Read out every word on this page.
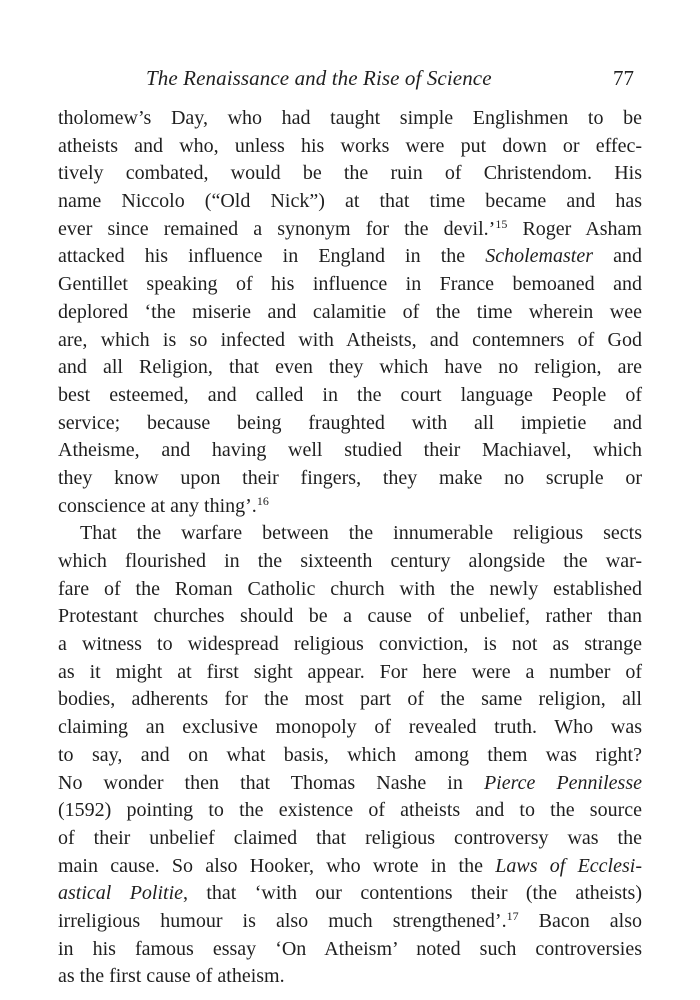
The Renaissance and the Rise of Science	77
tholomew’s Day, who had taught simple Englishmen to be
atheists and who, unless his works were put down or effec-
tively combated, would be the ruin of Christendom. His
name Niccolo (“Old Nick”) at that time became and has
ever since remained a synonym for the devil.’$^{15}$ Roger Asham
attacked his influence in England in the Scholemaster and
Gentillet speaking of his influence in France bemoaned and
deplored ‘the miserie and calamitie of the time wherein wee
are, which is so infected with Atheists, and contemners of God
and all Religion, that even they which have no religion, are
best esteemed, and called in the court language People of
service; because being fraughted with all impietie and
Atheisme, and having well studied their Machiavel, which
they know upon their fingers, they make no scruple or
conscience at any thing’.$^{16}$
That the warfare between the innumerable religious sects
which flourished in the sixteenth century alongside the war-
fare of the Roman Catholic church with the newly established
Protestant churches should be a cause of unbelief, rather than
a witness to widespread religious conviction, is not as strange
as it might at first sight appear. For here were a number of
bodies, adherents for the most part of the same religion, all
claiming an exclusive monopoly of revealed truth. Who was
to say, and on what basis, which among them was right?
No wonder then that Thomas Nashe in Pierce Pennilesse
(1592) pointing to the existence of atheists and to the source
of their unbelief claimed that religious controversy was the
main cause. So also Hooker, who wrote in the Laws of Ecclesi-
astical Politie, that ‘with our contentions their (the atheists)
irreligious humour is also much strengthened’.$^{17}$ Bacon also
in his famous essay ‘On Atheism’ noted such controversies
as the first cause of atheism.
